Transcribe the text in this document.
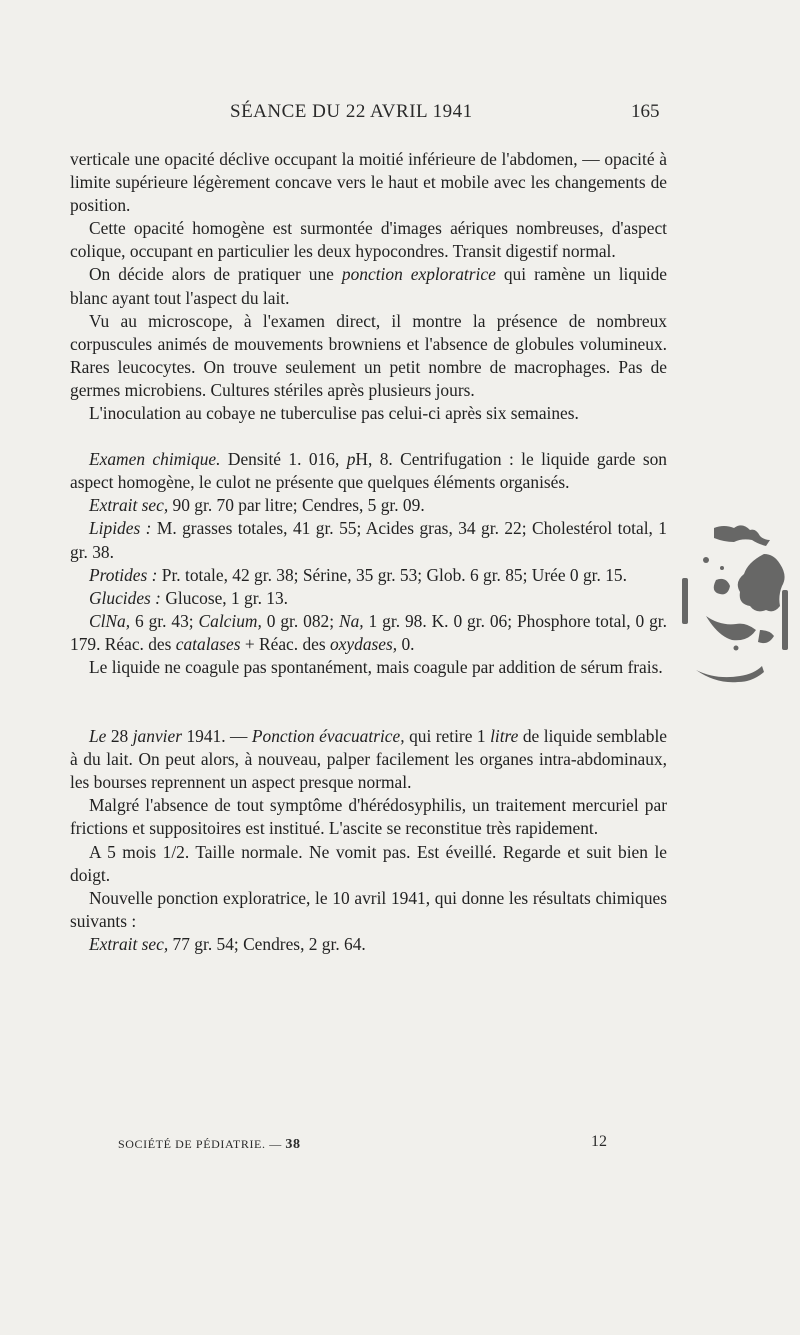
SÉANCE DU 22 AVRIL 1941	165

verticale une opacité déclive occupant la moitié inférieure de l'abdomen, — opacité à limite supérieure légèrement concave vers le haut et mobile avec les changements de position.

Cette opacité homogène est surmontée d'images aériques nombreuses, d'aspect colique, occupant en particulier les deux hypocondres. Transit digestif normal.

On décide alors de pratiquer une ponction exploratrice qui ramène un liquide blanc ayant tout l'aspect du lait.

Vu au microscope, à l'examen direct, il montre la présence de nombreux corpuscules animés de mouvements browniens et l'absence de globules volumineux. Rares leucocytes. On trouve seulement un petit nombre de macrophages. Pas de germes microbiens. Cultures stériles après plusieurs jours.

L'inoculation au cobaye ne tuberculise pas celui-ci après six semaines.

Examen chimique. Densité 1. 016, pH, 8. Centrifugation : le liquide garde son aspect homogène, le culot ne présente que quelques éléments organisés.

Extrait sec, 90 gr. 70 par litre; Cendres, 5 gr. 09.

Lipides : M. grasses totales, 41 gr. 55; Acides gras, 34 gr. 22; Cholestérol total, 1 gr. 38.

Protides : Pr. totale, 42 gr. 38; Sérine, 35 gr. 53; Glob. 6 gr. 85; Urée 0 gr. 15.

Glucides : Glucose, 1 gr. 13.

ClNa, 6 gr. 43; Calcium, 0 gr. 082; Na, 1 gr. 98. K. 0 gr. 06; Phosphore total, 0 gr. 179. Réac. des catalases + Réac. des oxydases, 0.

Le liquide ne coagule pas spontanément, mais coagule par addition de sérum frais.

Le 28 janvier 1941. — Ponction évacuatrice, qui retire 1 litre de liquide semblable à du lait. On peut alors, à nouveau, palper facilement les organes intra-abdominaux, les bourses reprennent un aspect presque normal.

Malgré l'absence de tout symptôme d'hérédosyphilis, un traitement mercuriel par frictions et suppositoires est institué. L'ascite se reconstitue très rapidement.

A 5 mois 1/2. Taille normale. Ne vomit pas. Est éveillé. Regarde et suit bien le doigt.

Nouvelle ponction exploratrice, le 10 avril 1941, qui donne les résultats chimiques suivants :

Extrait sec, 77 gr. 54; Cendres, 2 gr. 64.

SOCIÉTÉ DE PÉDIATRIE. — 38	12
